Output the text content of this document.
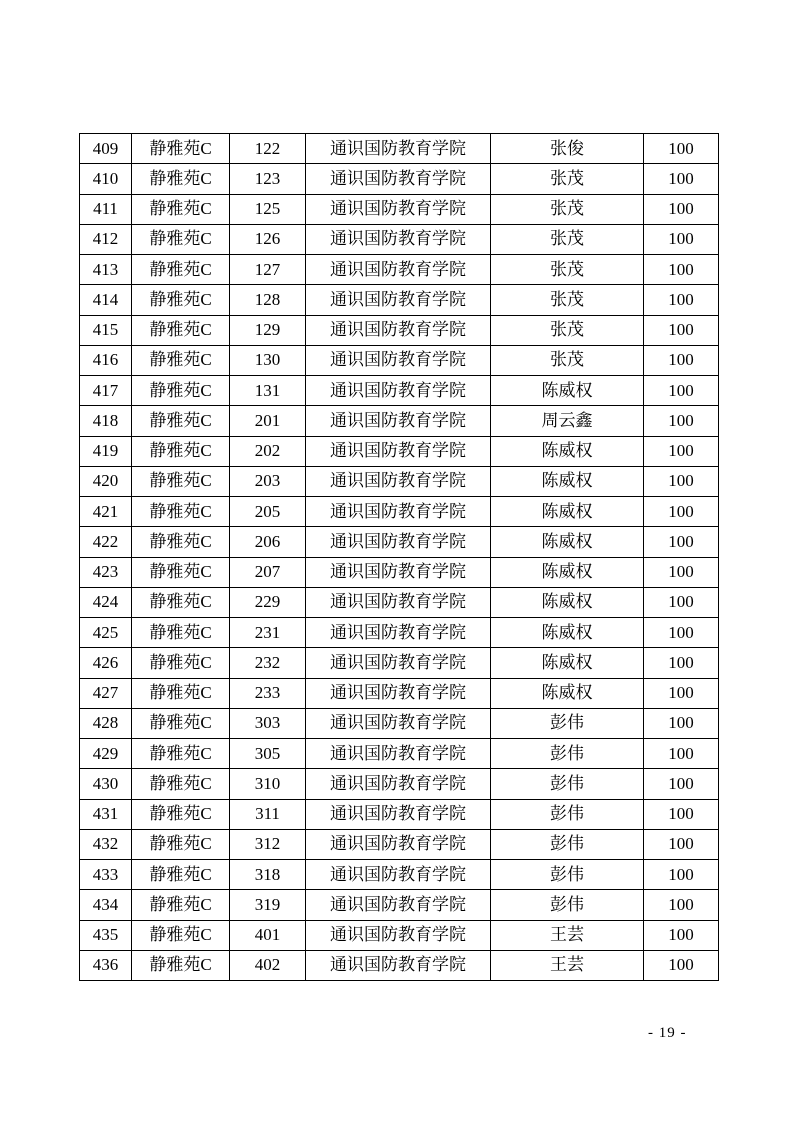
409	静雅苑C	122	通识国防教育学院	张俊	100
410	静雅苑C	123	通识国防教育学院	张茂	100
411	静雅苑C	125	通识国防教育学院	张茂	100
412	静雅苑C	126	通识国防教育学院	张茂	100
413	静雅苑C	127	通识国防教育学院	张茂	100
414	静雅苑C	128	通识国防教育学院	张茂	100
415	静雅苑C	129	通识国防教育学院	张茂	100
416	静雅苑C	130	通识国防教育学院	张茂	100
417	静雅苑C	131	通识国防教育学院	陈威权	100
418	静雅苑C	201	通识国防教育学院	周云鑫	100
419	静雅苑C	202	通识国防教育学院	陈威权	100
420	静雅苑C	203	通识国防教育学院	陈威权	100
421	静雅苑C	205	通识国防教育学院	陈威权	100
422	静雅苑C	206	通识国防教育学院	陈威权	100
423	静雅苑C	207	通识国防教育学院	陈威权	100
424	静雅苑C	229	通识国防教育学院	陈威权	100
425	静雅苑C	231	通识国防教育学院	陈威权	100
426	静雅苑C	232	通识国防教育学院	陈威权	100
427	静雅苑C	233	通识国防教育学院	陈威权	100
428	静雅苑C	303	通识国防教育学院	彭伟	100
429	静雅苑C	305	通识国防教育学院	彭伟	100
430	静雅苑C	310	通识国防教育学院	彭伟	100
431	静雅苑C	311	通识国防教育学院	彭伟	100
432	静雅苑C	312	通识国防教育学院	彭伟	100
433	静雅苑C	318	通识国防教育学院	彭伟	100
434	静雅苑C	319	通识国防教育学院	彭伟	100
435	静雅苑C	401	通识国防教育学院	王芸	100
436	静雅苑C	402	通识国防教育学院	王芸	100
- 19 -
